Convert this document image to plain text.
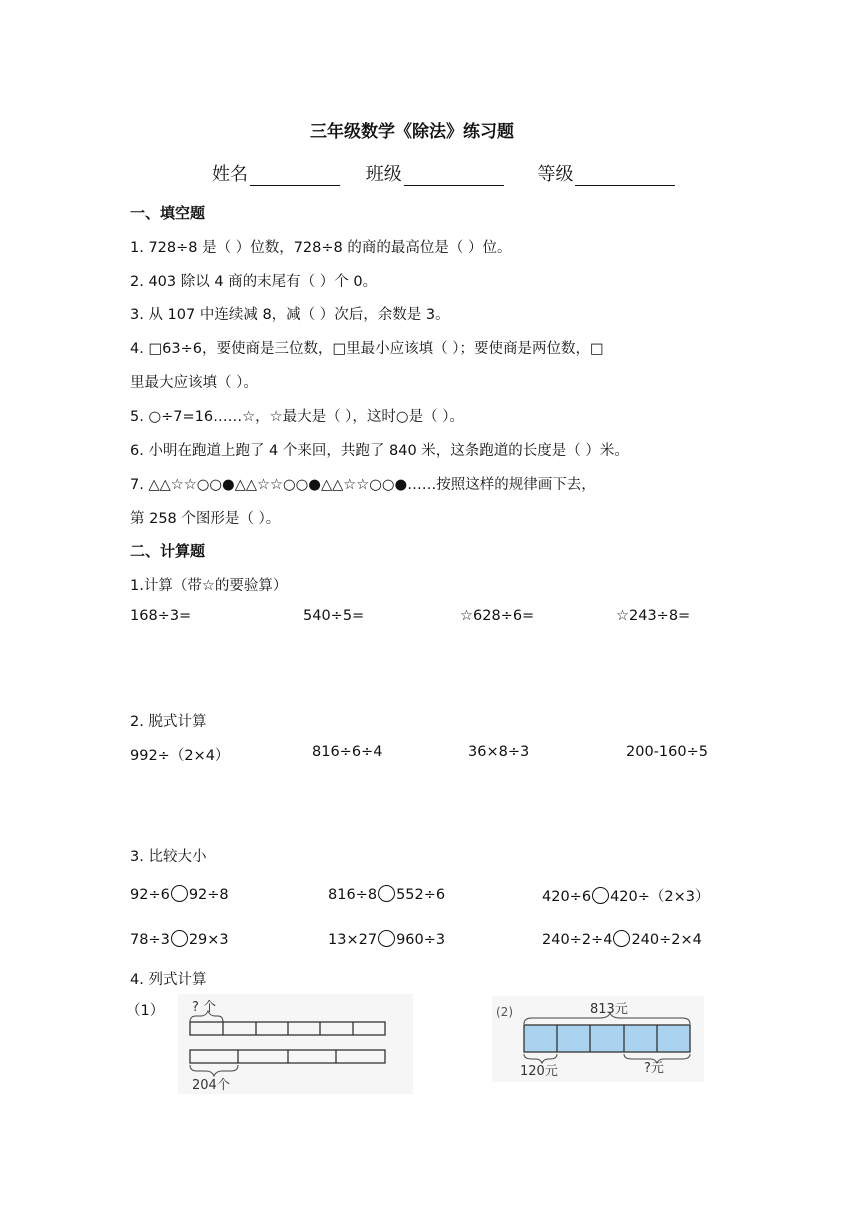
三年级数学《除法》练习题
姓名	班级	等级
一、填空题
1. 728÷8 是（ ）位数，728÷8 的商的最高位是（ ）位。
2. 403 除以 4 商的末尾有（ ）个 0。
3. 从 107 中连续减 8，减（ ）次后，余数是 3。
4. □63÷6，要使商是三位数，□里最小应该填（ ）；要使商是两位数，□
里最大应该填（ ）。
5. ○÷7=16……☆，☆最大是（ ），这时○是（ ）。
6. 小明在跑道上跑了 4 个来回，共跑了 840 米，这条跑道的长度是（ ）米。
7. △△☆☆○○●△△☆☆○○●△△☆☆○○●……按照这样的规律画下去，
第 258 个图形是（ ）。
二、计算题
1.计算（带☆的要验算）
168÷3=	540÷5=	☆628÷6=	☆243÷8=
2. 脱式计算
992÷（2×4）	816÷6÷4	36×8÷3	200-160÷5
3. 比较大小
92÷6 92÷8	816÷8 552÷6	420÷6 420÷（2×3）
78÷3 29×3	13×27 960÷3	240÷2÷4 240÷2×4
4. 列式计算
（1） ? 个
204个
(2)	813元
120元	?元
